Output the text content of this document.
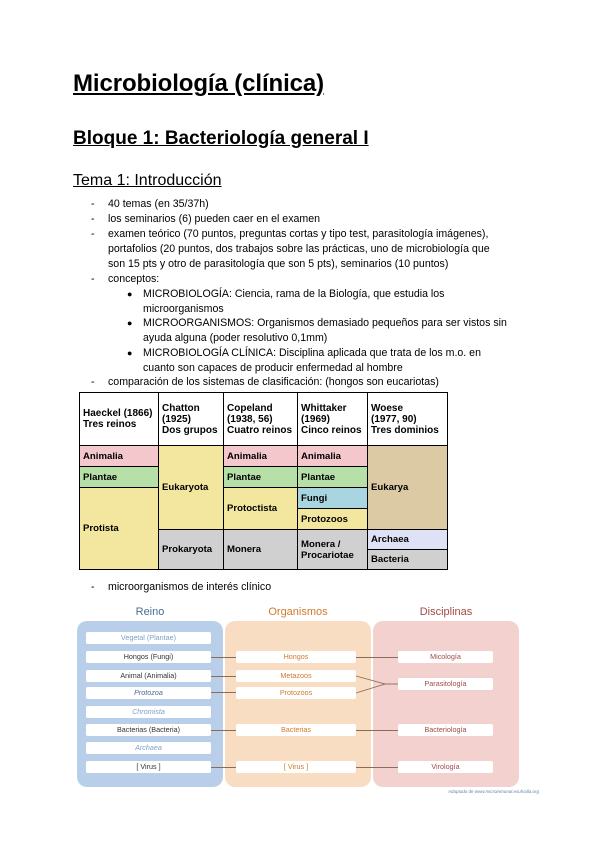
Microbiología (clínica)
Bloque 1: Bacteriología general I
Tema 1: Introducción
- 40 temas (en 35/37h)
- los seminarios (6) pueden caer en el examen
- examen teórico (70 puntos, preguntas cortas y tipo test, parasitología imágenes),
portafolios (20 puntos, dos trabajos sobre las prácticas, uno de microbiología que
son 15 pts y otro de parasitología que son 5 pts), seminarios (10 puntos)
- conceptos:
● MICROBIOLOGÍA: Ciencia, rama de la Biología, que estudia los
microorganismos
● MICROORGANISMOS: Organismos demasiado pequeños para ser vistos sin
ayuda alguna (poder resolutivo 0,1mm)
● MICROBIOLOGÍA CLÍNICA: Disciplina aplicada que trata de los m.o. en
cuanto son capaces de producir enfermedad al hombre
- comparación de los sistemas de clasificación: (hongos son eucariotas)
Haeckel (1866)
Tres reinos
Chatton
(1925)
Dos grupos
Copeland
(1938, 56)
Cuatro reinos
Whittaker
(1969)
Cinco reinos
Woese
(1977, 90)
Tres dominios
Animalia
Plantae
Protista
Eukaryota
Prokaryota
Animalia
Plantae
Protoctista
Monera
Animalia
Plantae
Fungi
Protozoos
Monera /
Procariotae
Eukarya
Archaea
Bacteria
- microorganismos de interés clínico
Reino	Organismos	Disciplinas
Vegetal (Plantae)
Hongos (Fungi)
Animal (Animalia)
Protozoa
Chromista
Bacterias (Bacteria)
Archaea
[ Virus ]
Hongos
Metazoos
Protozoos
Bacterias
[ Virus ]
Micología
Parasitología
Bacteriología
Virología
Adaptado de www.microinmunol.esufvalla.org
